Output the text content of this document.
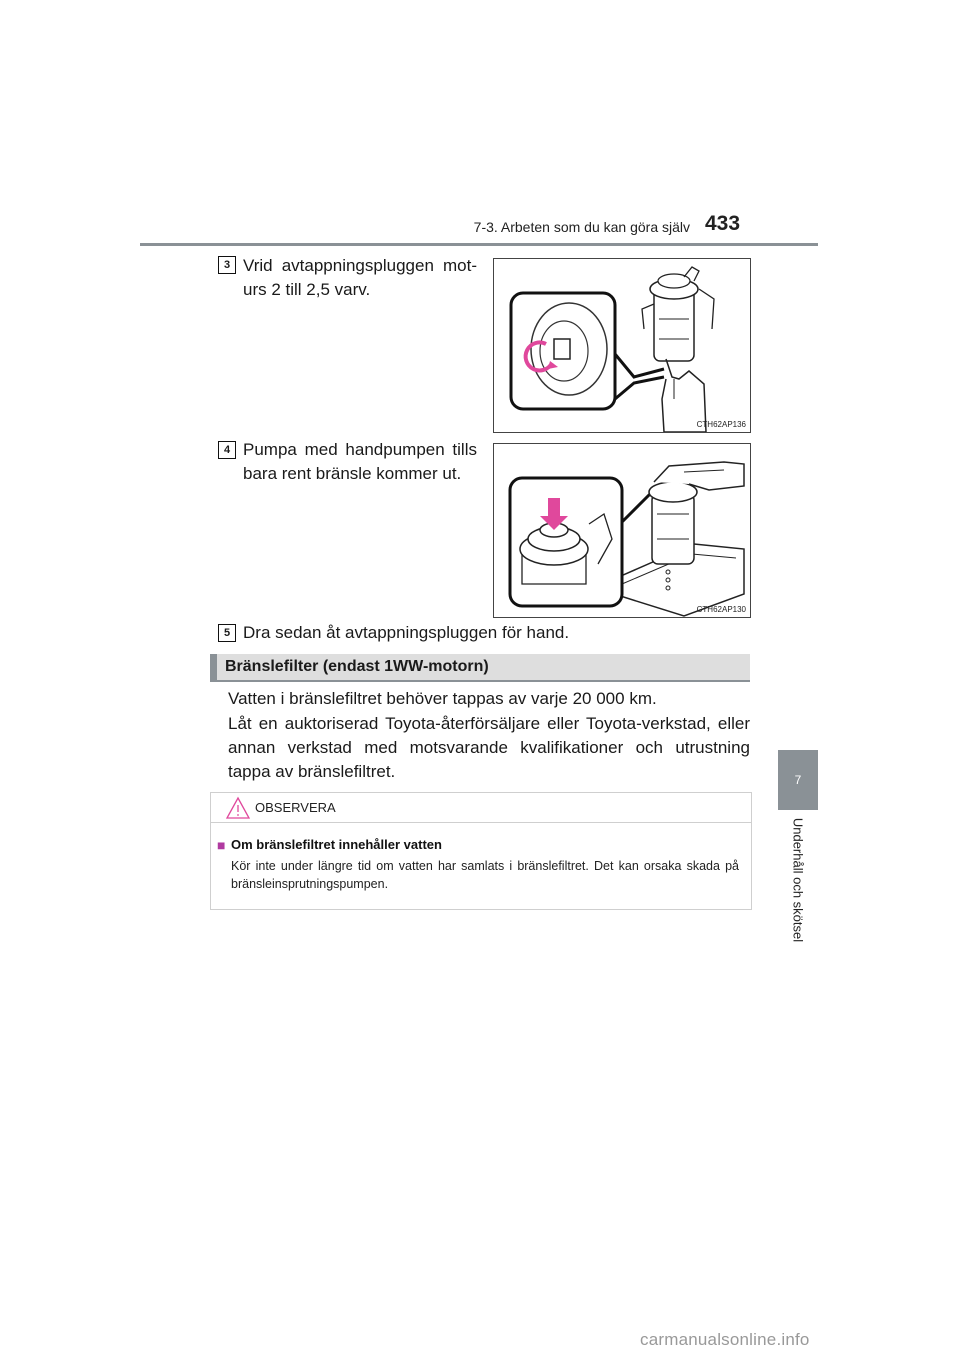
7-3. Arbeten som du kan göra själv 433
7
Underhåll och skötsel
3 Vrid avtappningspluggen mot-urs 2 till 2,5 varv.
CTH62AP136
4 Pumpa med handpumpen tills bara rent bränsle kommer ut.
CTH62AP130
5 Dra sedan åt avtappningspluggen för hand.
Bränslefilter (endast 1WW-motorn)
Vatten i bränslefiltret behöver tappas av varje 20 000 km.
Låt en auktoriserad Toyota-återförsäljare eller Toyota-verkstad, eller annan verkstad med motsvarande kvalifikationer och utrustning tappa av bränslefiltret.
OBSERVERA
■ Om bränslefiltret innehåller vatten
Kör inte under längre tid om vatten har samlats i bränslefiltret. Det kan orsaka skada på bränsleinsprutningspumpen.
carmanualsonline.info
